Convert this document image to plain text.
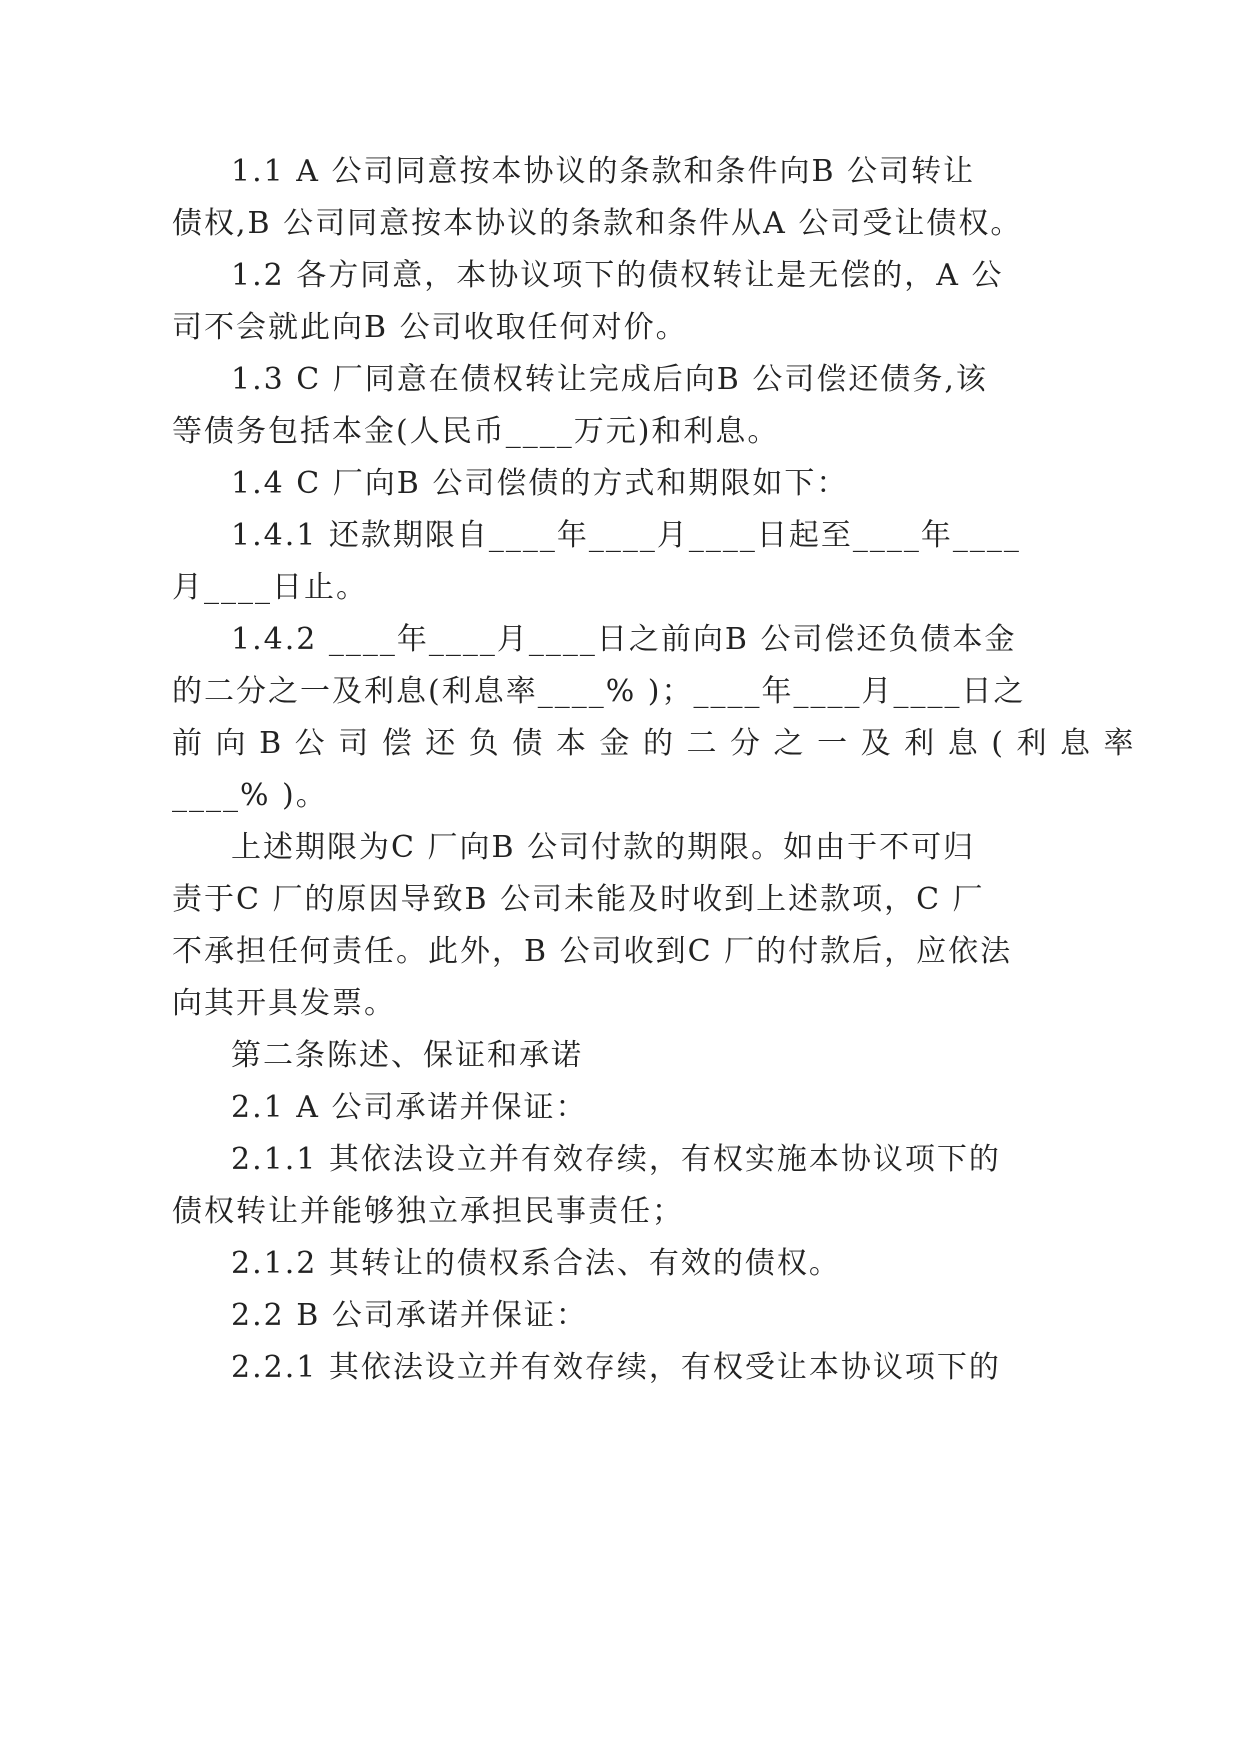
1.1 A 公司同意按本协议的条款和条件向B 公司转让
债权,B 公司同意按本协议的条款和条件从A 公司受让债权。
1.2 各方同意，本协议项下的债权转让是无偿的，A 公
司不会就此向B 公司收取任何对价。
1.3 C 厂同意在债权转让完成后向B 公司偿还债务,该
等债务包括本金(人民币____万元)和利息。
1.4 C 厂向B 公司偿债的方式和期限如下：
1.4.1 还款期限自____年____月____日起至____年____
月____日止。
1.4.2 ____年____月____日之前向B 公司偿还负债本金
的二分之一及利息(利息率____% )；____年____月____日之
前 向 B 公 司 偿 还 负 债 本 金 的 二 分 之 一 及 利 息 ( 利 息 率
____% )。
上述期限为C 厂向B 公司付款的期限。如由于不可归
责于C 厂的原因导致B 公司未能及时收到上述款项，C 厂
不承担任何责任。此外，B 公司收到C 厂的付款后，应依法
向其开具发票。
第二条陈述、保证和承诺
2.1 A 公司承诺并保证：
2.1.1 其依法设立并有效存续，有权实施本协议项下的
债权转让并能够独立承担民事责任；
2.1.2 其转让的债权系合法、有效的债权。
2.2 B 公司承诺并保证：
2.2.1 其依法设立并有效存续，有权受让本协议项下的
